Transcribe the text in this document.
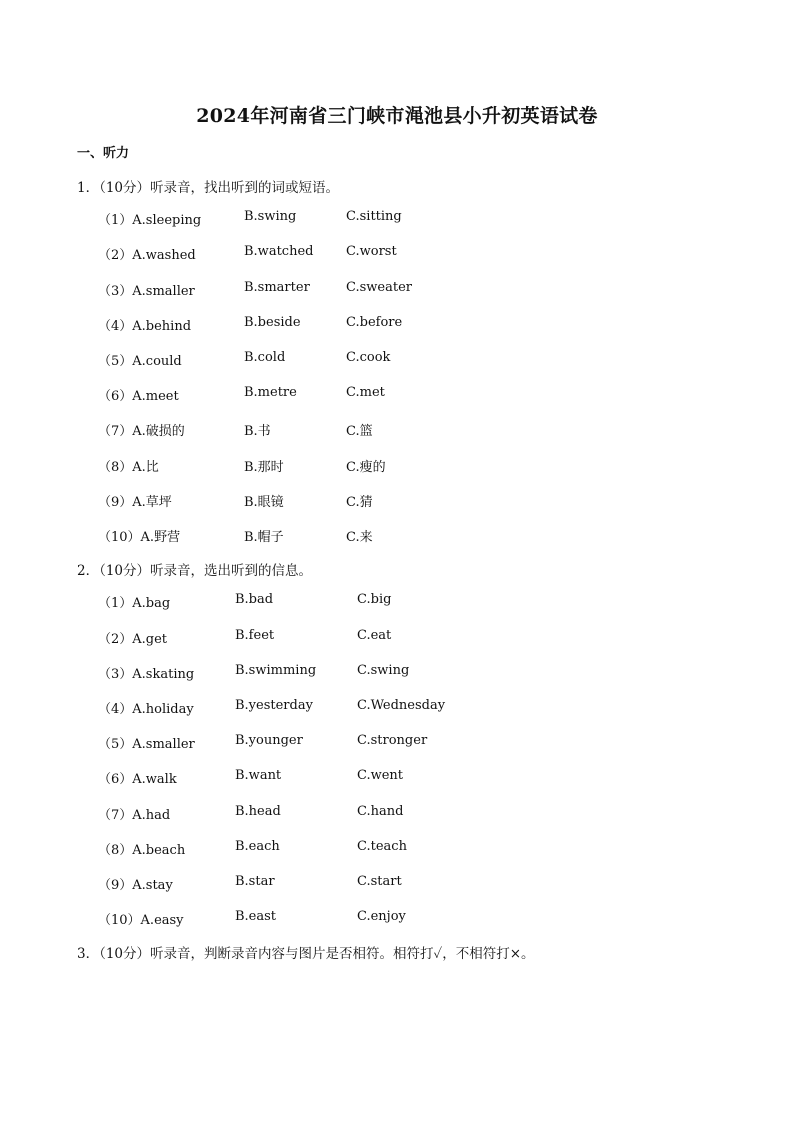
2024年河南省三门峡市渑池县小升初英语试卷
一、听力
1．（10分）听录音，找出听到的词或短语。
（1）A.sleeping	B.swing	C.sitting
（2）A.washed	B.watched	C.worst
（3）A.smaller	B.smarter	C.sweater
（4）A.behind	B.beside	C.before
（5）A.could	B.cold	C.cook
（6）A.meet	B.metre	C.met
（7）A.破损的	B.书	C.篮
（8）A.比	B.那时	C.瘦的
（9）A.草坪	B.眼镜	C.猜
（10）A.野营	B.帽子	C.来
2．（10分）听录音，选出听到的信息。
（1）A.bag	B.bad	C.big
（2）A.get	B.feet	C.eat
（3）A.skating	B.swimming	C.swing
（4）A.holiday	B.yesterday	C.Wednesday
（5）A.smaller	B.younger	C.stronger
（6）A.walk	B.want	C.went
（7）A.had	B.head	C.hand
（8）A.beach	B.each	C.teach
（9）A.stay	B.star	C.start
（10）A.easy	B.east	C.enjoy
3．（10分）听录音，判断录音内容与图片是否相符。相符打✓，不相符打×。
